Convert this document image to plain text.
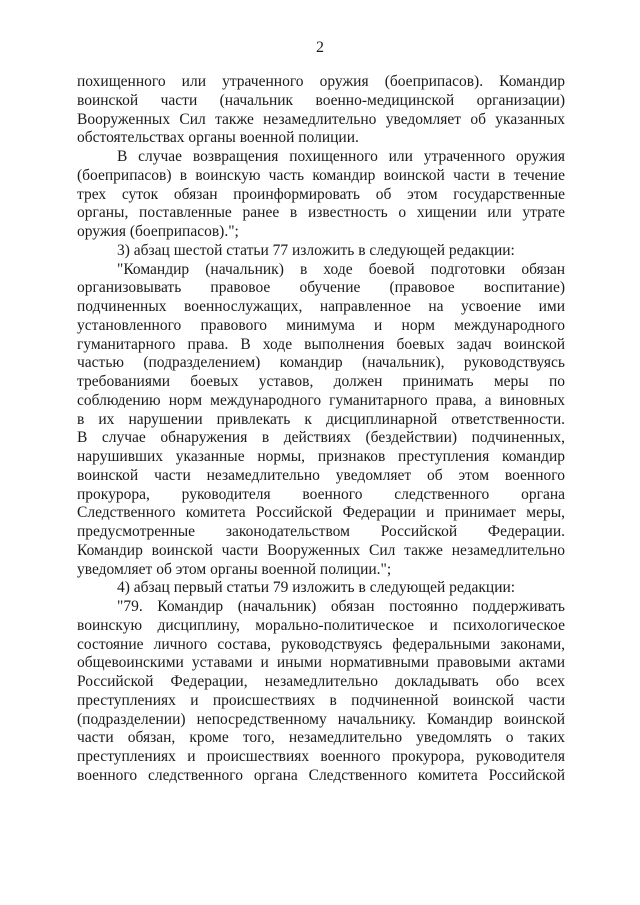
2
похищенного или утраченного оружия (боеприпасов). Командир
воинской части (начальник военно-медицинской организации)
Вооруженных Сил также незамедлительно уведомляет об указанных
обстоятельствах органы военной полиции.
В случае возвращения похищенного или утраченного оружия
(боеприпасов) в воинскую часть командир воинской части в течение
трех суток обязан проинформировать об этом государственные
органы, поставленные ранее в известность о хищении или утрате
оружия (боеприпасов).";
3) абзац шестой статьи 77 изложить в следующей редакции:
"Командир (начальник) в ходе боевой подготовки обязан
организовывать правовое обучение (правовое воспитание)
подчиненных военнослужащих, направленное на усвоение ими
установленного правового минимума и норм международного
гуманитарного права. В ходе выполнения боевых задач воинской
частью (подразделением) командир (начальник), руководствуясь
требованиями боевых уставов, должен принимать меры по
соблюдению норм международного гуманитарного права, а виновных
в их нарушении привлекать к дисциплинарной ответственности.
В случае обнаружения в действиях (бездействии) подчиненных,
нарушивших указанные нормы, признаков преступления командир
воинской части незамедлительно уведомляет об этом военного
прокурора, руководителя военного следственного органа
Следственного комитета Российской Федерации и принимает меры,
предусмотренные законодательством Российской Федерации.
Командир воинской части Вооруженных Сил также незамедлительно
уведомляет об этом органы военной полиции.";
4) абзац первый статьи 79 изложить в следующей редакции:
"79. Командир (начальник) обязан постоянно поддерживать
воинскую дисциплину, морально-политическое и психологическое
состояние личного состава, руководствуясь федеральными законами,
общевоинскими уставами и иными нормативными правовыми актами
Российской Федерации, незамедлительно докладывать обо всех
преступлениях и происшествиях в подчиненной воинской части
(подразделении) непосредственному начальнику. Командир воинской
части обязан, кроме того, незамедлительно уведомлять о таких
преступлениях и происшествиях военного прокурора, руководителя
военного следственного органа Следственного комитета Российской
